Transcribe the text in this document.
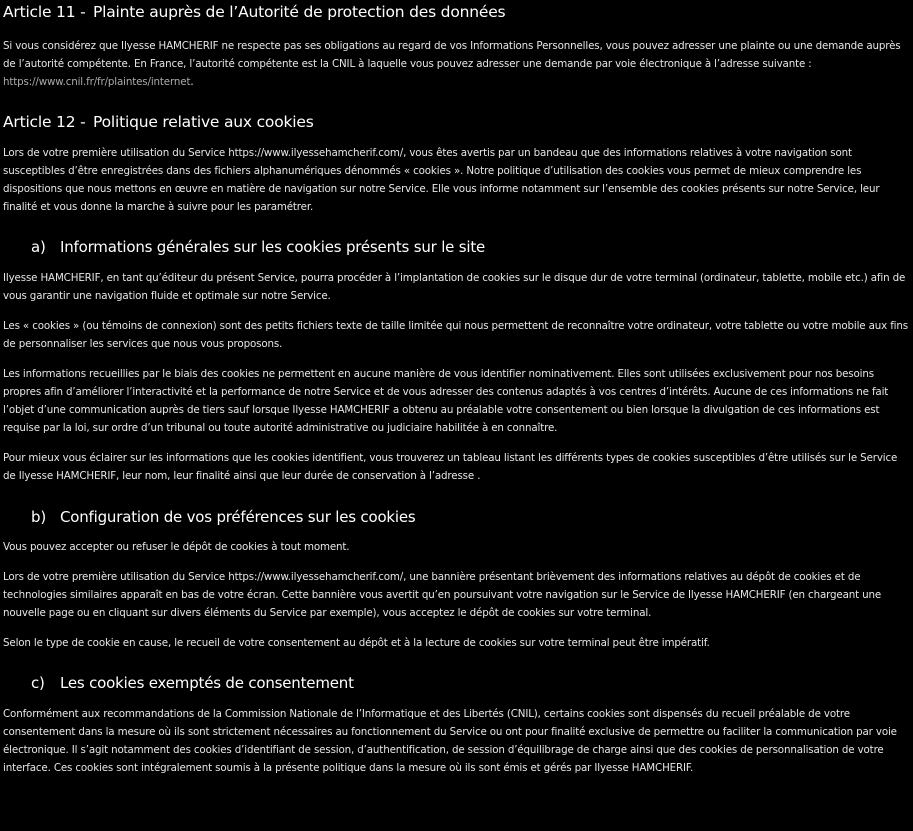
Article 11 - Plainte auprès de l’Autorité de protection des données

Si vous considérez que Ilyesse HAMCHERIF ne respecte pas ses obligations au regard de vos Informations Personnelles, vous pouvez adresser une plainte ou une demande auprès de l’autorité compétente. En France, l’autorité compétente est la CNIL à laquelle vous pouvez adresser une demande par voie électronique à l’adresse suivante : https://www.cnil.fr/fr/plaintes/internet.

Article 12 - Politique relative aux cookies

Lors de votre première utilisation du Service https://www.ilyessehamcherif.com/, vous êtes avertis par un bandeau que des informations relatives à votre navigation sont susceptibles d’être enregistrées dans des fichiers alphanumériques dénommés « cookies ». Notre politique d’utilisation des cookies vous permet de mieux comprendre les dispositions que nous mettons en œuvre en matière de navigation sur notre Service. Elle vous informe notamment sur l’ensemble des cookies présents sur notre Service, leur finalité et vous donne la marche à suivre pour les paramétrer.

a) Informations générales sur les cookies présents sur le site

Ilyesse HAMCHERIF, en tant qu’éditeur du présent Service, pourra procéder à l’implantation de cookies sur le disque dur de votre terminal (ordinateur, tablette, mobile etc.) afin de vous garantir une navigation fluide et optimale sur notre Service.

Les « cookies » (ou témoins de connexion) sont des petits fichiers texte de taille limitée qui nous permettent de reconnaître votre ordinateur, votre tablette ou votre mobile aux fins de personnaliser les services que nous vous proposons.

Les informations recueillies par le biais des cookies ne permettent en aucune manière de vous identifier nominativement. Elles sont utilisées exclusivement pour nos besoins propres afin d’améliorer l’interactivité et la performance de notre Service et de vous adresser des contenus adaptés à vos centres d’intérêts. Aucune de ces informations ne fait l’objet d’une communication auprès de tiers sauf lorsque Ilyesse HAMCHERIF a obtenu au préalable votre consentement ou bien lorsque la divulgation de ces informations est requise par la loi, sur ordre d’un tribunal ou toute autorité administrative ou judiciaire habilitée à en connaître.

Pour mieux vous éclairer sur les informations que les cookies identifient, vous trouverez un tableau listant les différents types de cookies susceptibles d’être utilisés sur le Service de Ilyesse HAMCHERIF, leur nom, leur finalité ainsi que leur durée de conservation à l’adresse .

b) Configuration de vos préférences sur les cookies

Vous pouvez accepter ou refuser le dépôt de cookies à tout moment.

Lors de votre première utilisation du Service https://www.ilyessehamcherif.com/, une bannière présentant brièvement des informations relatives au dépôt de cookies et de technologies similaires apparaît en bas de votre écran. Cette bannière vous avertit qu’en poursuivant votre navigation sur le Service de Ilyesse HAMCHERIF (en chargeant une nouvelle page ou en cliquant sur divers éléments du Service par exemple), vous acceptez le dépôt de cookies sur votre terminal.

Selon le type de cookie en cause, le recueil de votre consentement au dépôt et à la lecture de cookies sur votre terminal peut être impératif.

c) Les cookies exemptés de consentement

Conformément aux recommandations de la Commission Nationale de l’Informatique et des Libertés (CNIL), certains cookies sont dispensés du recueil préalable de votre consentement dans la mesure où ils sont strictement nécessaires au fonctionnement du Service ou ont pour finalité exclusive de permettre ou faciliter la communication par voie électronique. Il s’agit notamment des cookies d’identifiant de session, d’authentification, de session d’équilibrage de charge ainsi que des cookies de personnalisation de votre interface. Ces cookies sont intégralement soumis à la présente politique dans la mesure où ils sont émis et gérés par Ilyesse HAMCHERIF.
